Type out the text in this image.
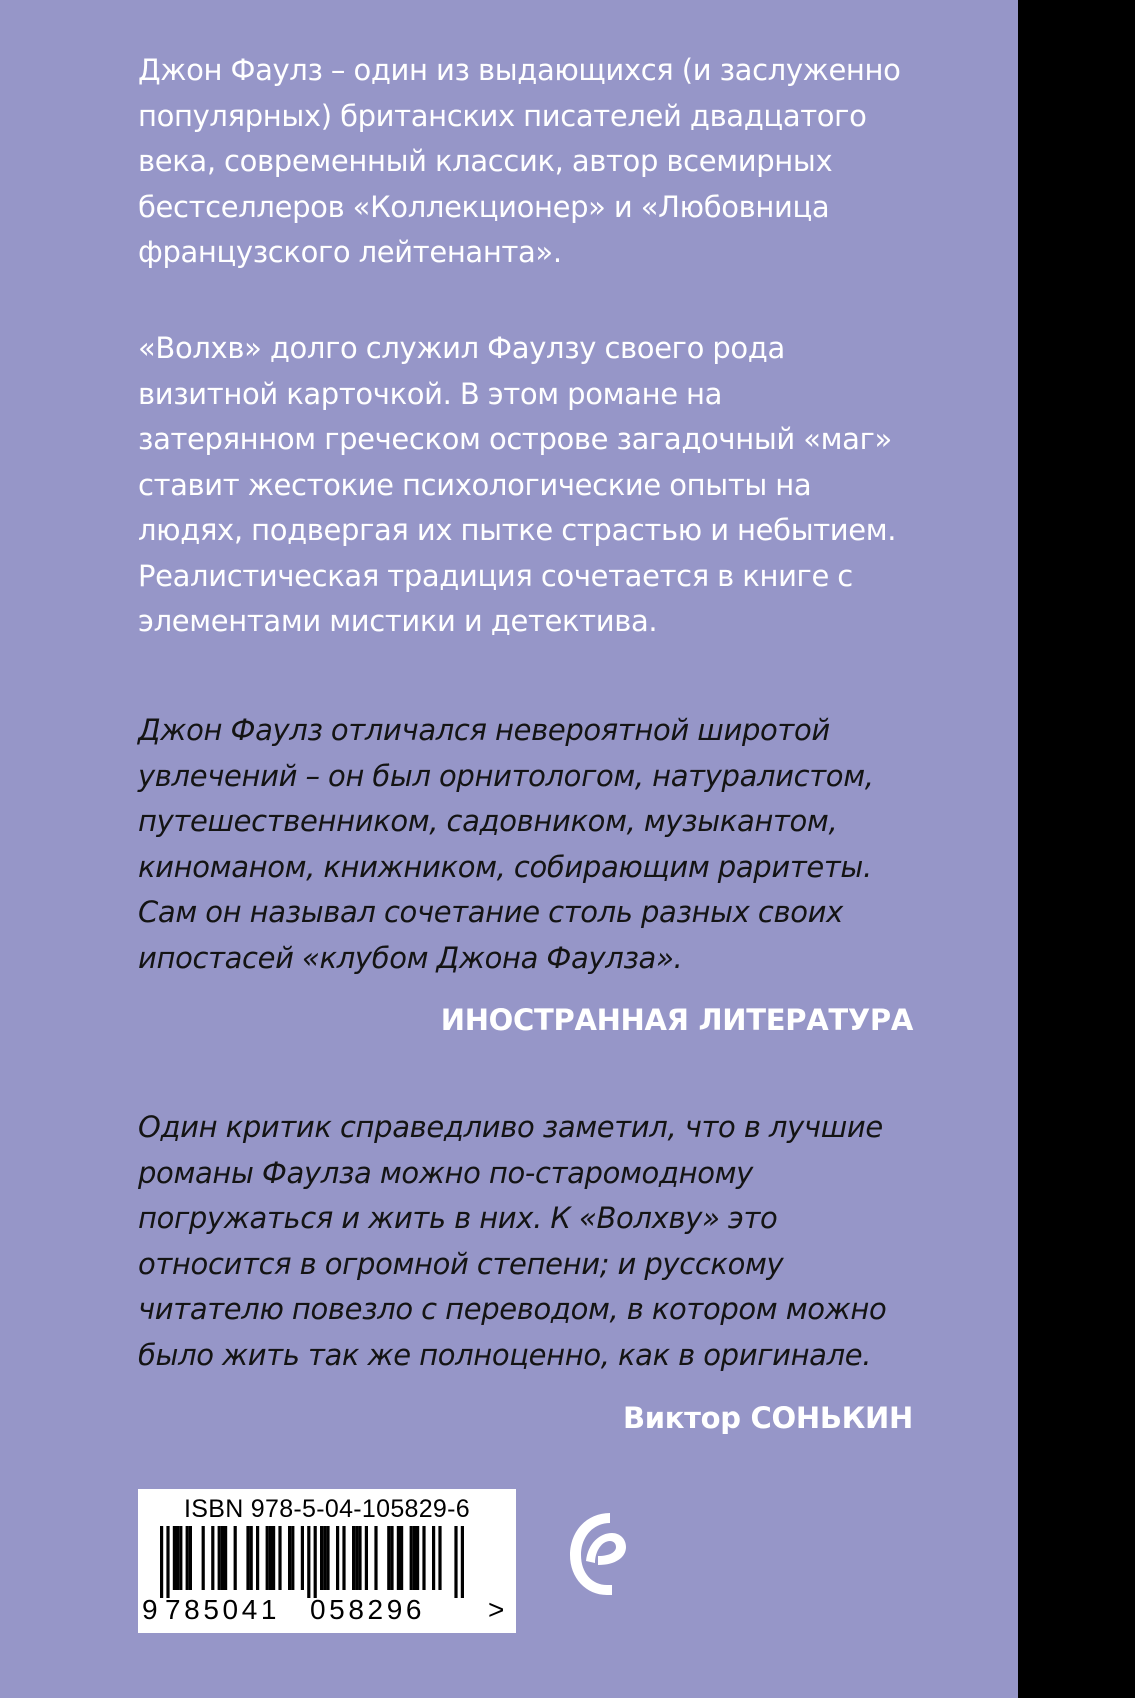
Джон Фаулз – один из выдающихся (и заслуженно
популярных) британских писателей двадцатого
века, современный классик, автор всемирных
бестселлеров «Коллекционер» и «Любовница
французского лейтенанта».

«Волхв» долго служил Фаулзу своего рода
визитной карточкой. В этом романе на
затерянном греческом острове загадочный «маг»
ставит жестокие психологические опыты на
людях, подвергая их пытке страстью и небытием.
Реалистическая традиция сочетается в книге с
элементами мистики и детектива.

Джон Фаулз отличался невероятной широтой
увлечений – он был орнитологом, натуралистом,
путешественником, садовником, музыкантом,
киноманом, книжником, собирающим раритеты.
Сам он называл сочетание столь разных своих
ипостасей «клубом Джона Фаулза».

ИНОСТРАННАЯ ЛИТЕРАТУРА

Один критик справедливо заметил, что в лучшие
романы Фаулза можно по-старомодному
погружаться и жить в них. К «Волхву» это
относится в огромной степени; и русскому
читателю повезло с переводом, в котором можно
было жить так же полноценно, как в оригинале.

Виктор СОНЬКИН

ISBN 978-5-04-105829-6
9 785041 058296 >
